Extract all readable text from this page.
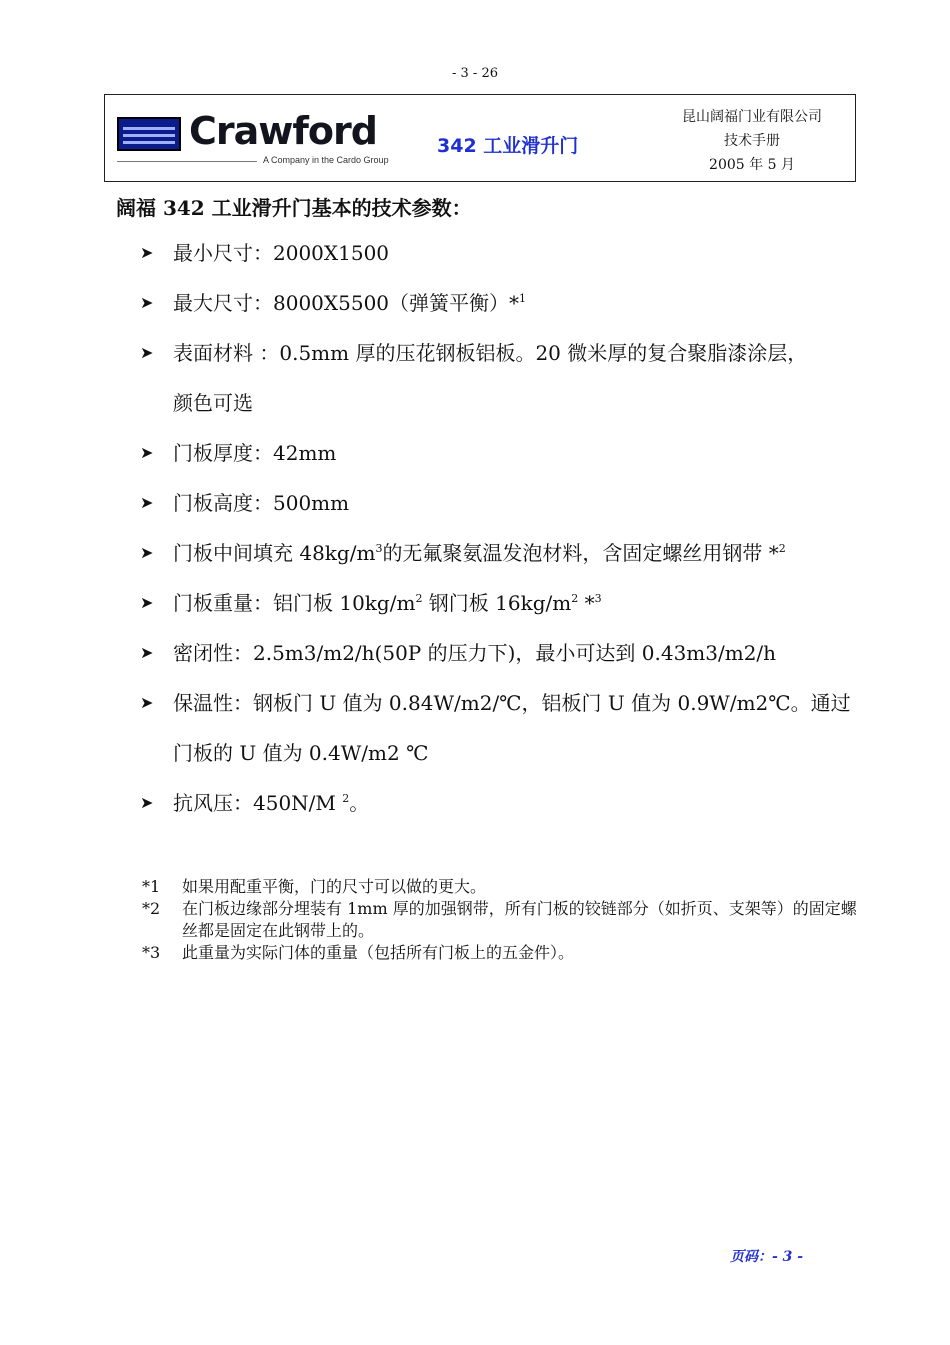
- 3 - 26
Crawford
A Company in the Cardo Group
342 工业滑升门
昆山阔福门业有限公司
技术手册
2005 年 5 月
阔福 342 工业滑升门基本的技术参数：
➤ 最小尺寸：2000X1500
➤ 最大尺寸：8000X5500（弹簧平衡）*$^1$
➤ 表面材料 ：0.5mm 厚的压花钢板铝板。20 微米厚的复合聚脂漆涂层，
颜色可选
➤ 门板厚度：42mm
➤ 门板高度：500mm
➤ 门板中间填充 $48kg/m^3$的无氟聚氨温发泡材料，含固定螺丝用钢带 *$^2$
➤ 门板重量：铝门板 $10kg/m^2$ 钢门板 $16kg/m^2$ *$^3$
➤ 密闭性：2.5m3/m2/h(50P 的压力下)，最小可达到 0.43m3/m2/h
➤ 保温性：钢板门 U 值为 0.84W/m2/℃，铝板门 U 值为 0.9W/m2℃。通过
门板的 U 值为 0.4W/m2 ℃
➤ 抗风压：450N/M $^2$。
*1	如果用配重平衡，门的尺寸可以做的更大。
*2	在门板边缘部分埋装有 1mm 厚的加强钢带，所有门板的铰链部分（如折页、支架等）的固定螺丝都是固定在此钢带上的。
*3	此重量为实际门体的重量（包括所有门板上的五金件）。
页码：- 3 -
